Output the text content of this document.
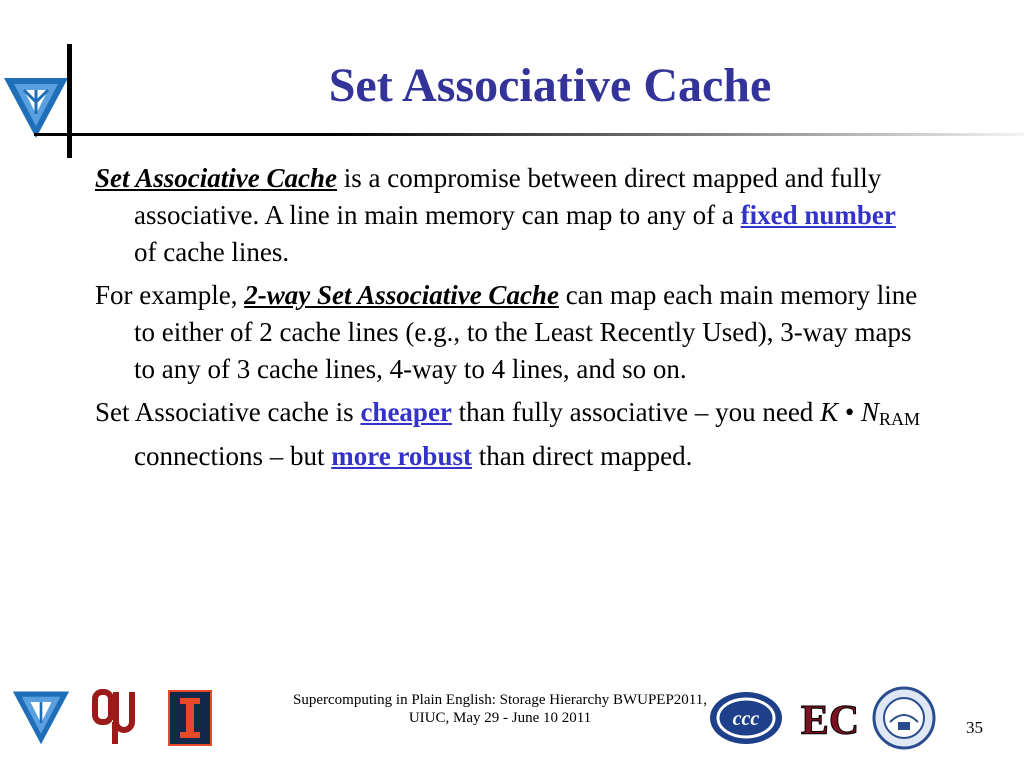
Set Associative Cache

Set Associative Cache is a compromise between direct mapped and fully associative. A line in main memory can map to any of a fixed number of cache lines.

For example, 2-way Set Associative Cache can map each main memory line to either of 2 cache lines (e.g., to the Least Recently Used), 3-way maps to any of 3 cache lines, 4-way to 4 lines, and so on.

Set Associative cache is cheaper than fully associative – you need K • $N_{RAM}$ connections – but more robust than direct mapped.

ccc EC
Supercomputing in Plain English: Storage Hierarchy BWUPEP2011,
UIUC, May 29 - June 10 2011	35
